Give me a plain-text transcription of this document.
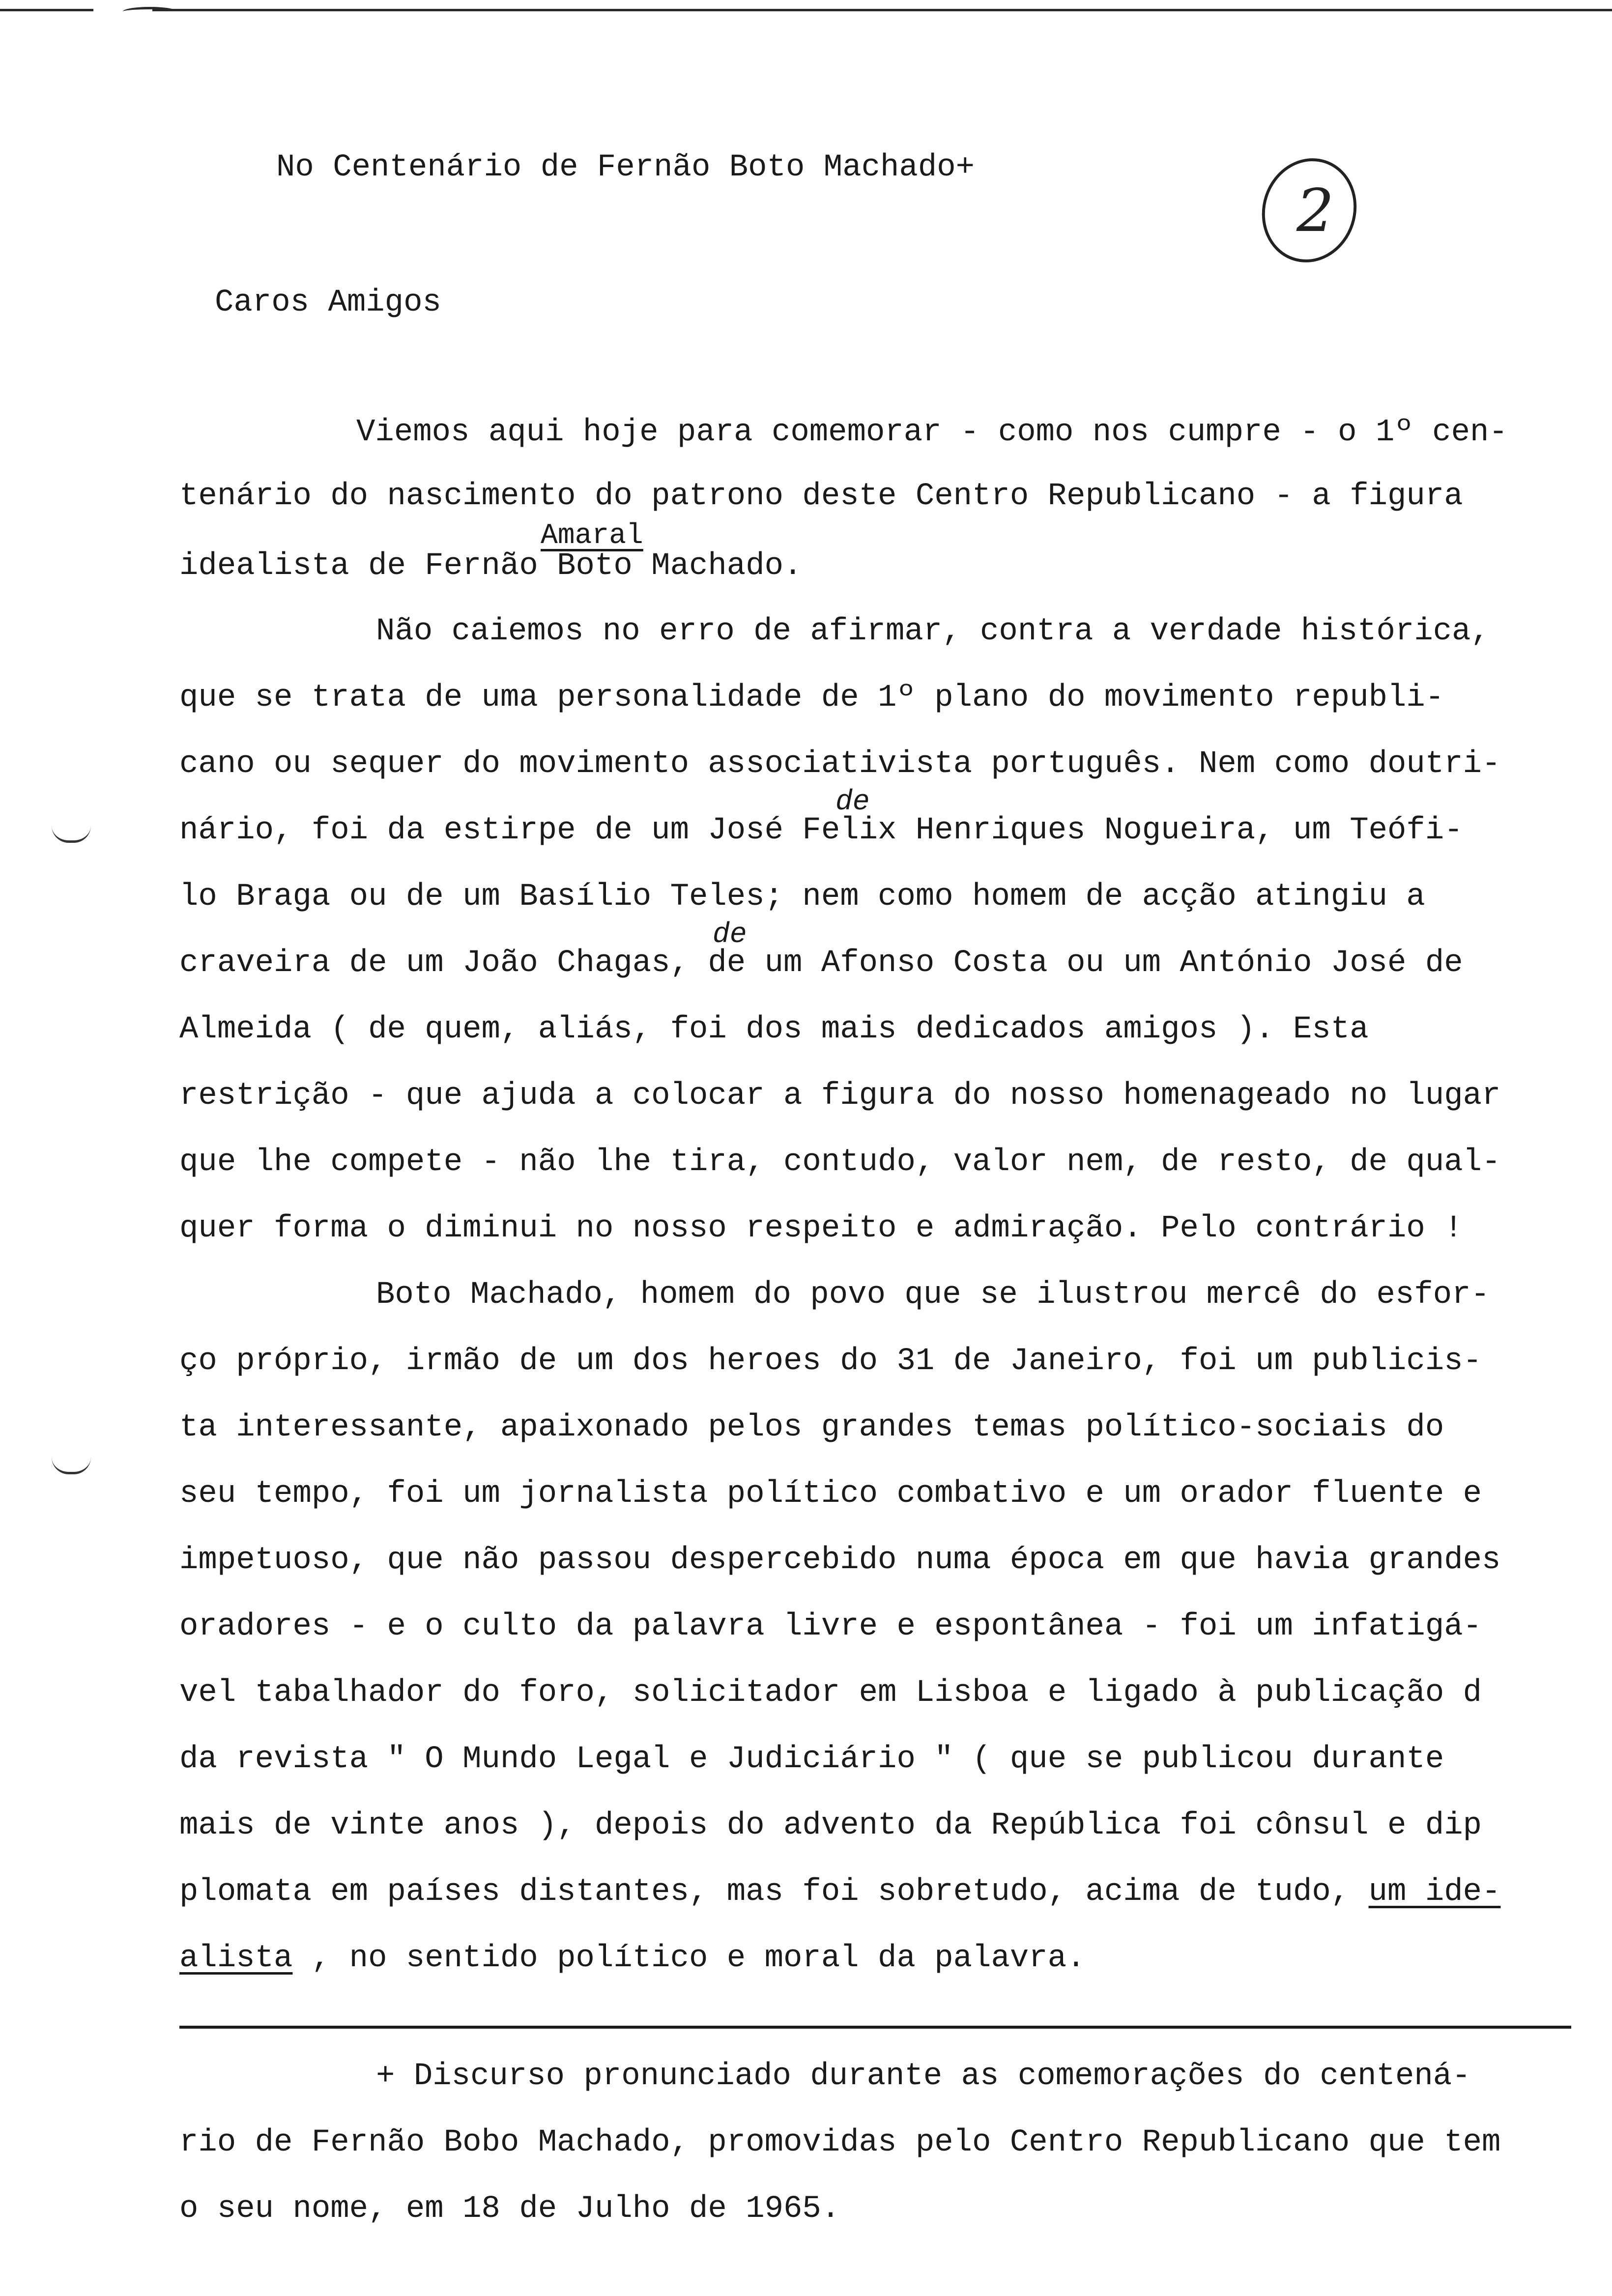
No Centenário de Fernão Boto Machado+
2
Caros Amigos
Viemos aqui hoje para comemorar - como nos cumpre - o 1º cen-
tenário do nascimento do patrono deste Centro Republicano - a figura
idealista de Fernão Boto Machado.
Não caiemos no erro de afirmar, contra a verdade histórica,
que se trata de uma personalidade de 1º plano do movimento republi-
cano ou sequer do movimento associativista português. Nem como doutri-
nário, foi da estirpe de um José Felix Henriques Nogueira, um Teófi-
lo Braga ou de um Basílio Teles; nem como homem de acção atingiu a
craveira de um João Chagas, de um Afonso Costa ou um António José de
Almeida ( de quem, aliás, foi dos mais dedicados amigos ). Esta
restrição - que ajuda a colocar a figura do nosso homenageado no lugar
que lhe compete - não lhe tira, contudo, valor nem, de resto, de qual-
quer forma o diminui no nosso respeito e admiração. Pelo contrário !
Boto Machado, homem do povo que se ilustrou mercê do esfor-
ço próprio, irmão de um dos heroes do 31 de Janeiro, foi um publicis-
ta interessante, apaixonado pelos grandes temas político-sociais do
seu tempo, foi um jornalista político combativo e um orador fluente e
impetuoso, que não passou despercebido numa época em que havia grandes
oradores - e o culto da palavra livre e espontânea - foi um infatigá-
vel tabalhador do foro, solicitador em Lisboa e ligado à publicação d
da revista " O Mundo Legal e Judiciário " ( que se publicou durante
mais de vinte anos ), depois do advento da República foi cônsul e dip
plomata em países distantes, mas foi sobretudo, acima de tudo, um ide-
alista , no sentido político e moral da palavra.
Amaral
de
de
+ Discurso pronunciado durante as comemorações do centená-
rio de Fernão Bobo Machado, promovidas pelo Centro Republicano que tem
o seu nome, em 18 de Julho de 1965.
